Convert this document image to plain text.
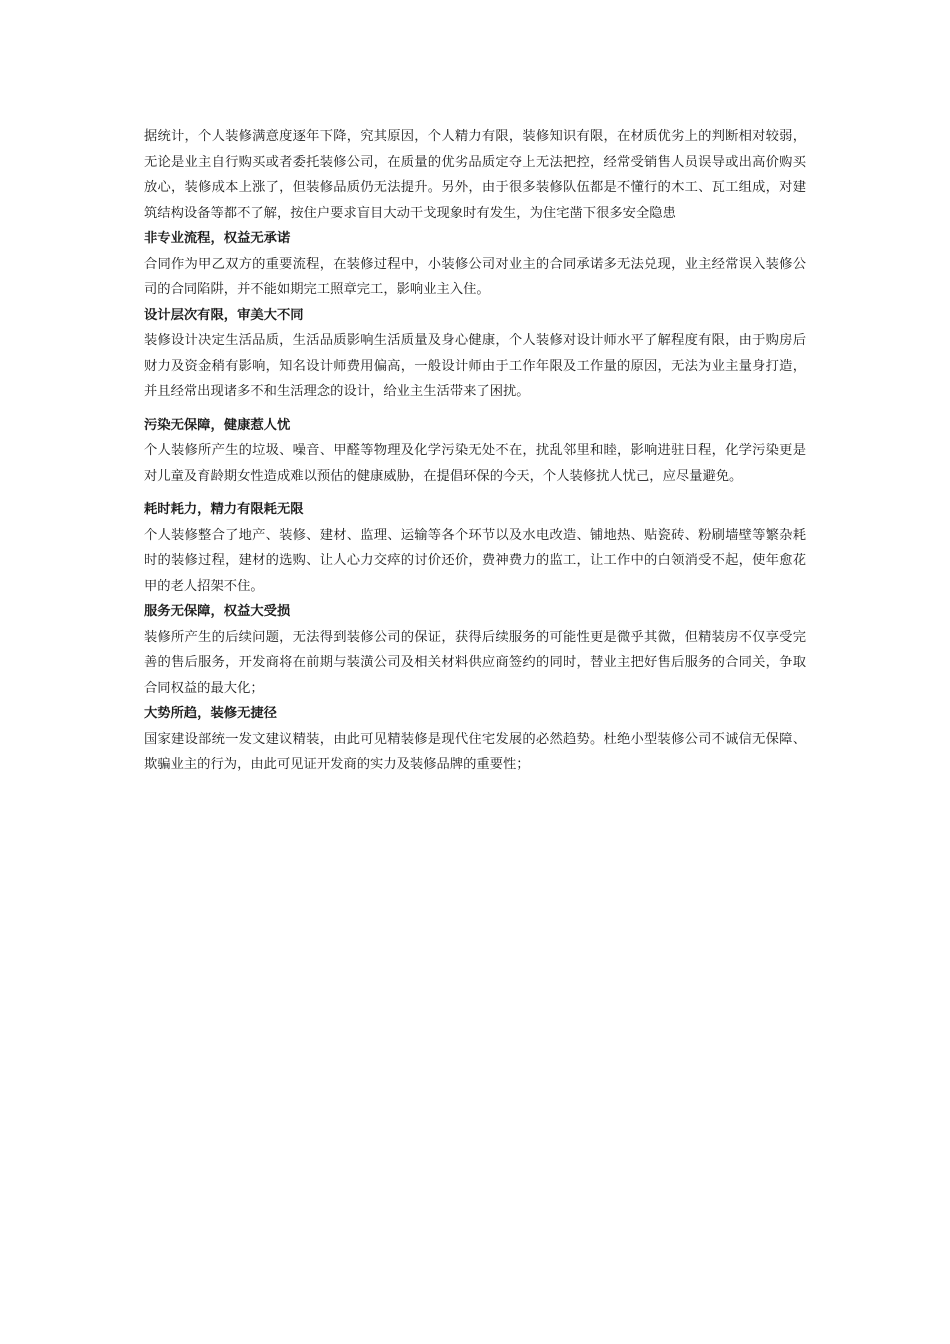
据统计，个人装修满意度逐年下降，究其原因，个人精力有限，装修知识有限，在材质优劣上的判断相对较弱，无论是业主自行购买或者委托装修公司，在质量的优劣品质定夺上无法把控，经常受销售人员误导或出高价购买放心，装修成本上涨了，但装修品质仍无法提升。另外，由于很多装修队伍都是不懂行的木工、瓦工组成，对建筑结构设备等都不了解，按住户要求盲目大动干戈现象时有发生，为住宅凿下很多安全隐患

非专业流程，权益无承诺

合同作为甲乙双方的重要流程，在装修过程中，小装修公司对业主的合同承诺多无法兑现，业主经常误入装修公司的合同陷阱，并不能如期完工照章完工，影响业主入住。

设计层次有限，审美大不同

装修设计决定生活品质，生活品质影响生活质量及身心健康，个人装修对设计师水平了解程度有限，由于购房后财力及资金稍有影响，知名设计师费用偏高，一般设计师由于工作年限及工作量的原因，无法为业主量身打造，并且经常出现诸多不和生活理念的设计，给业主生活带来了困扰。

污染无保障，健康惹人忧

个人装修所产生的垃圾、噪音、甲醛等物理及化学污染无处不在，扰乱邻里和睦，影响进驻日程，化学污染更是对儿童及育龄期女性造成难以预估的健康威胁，在提倡环保的今天，个人装修扰人忧己，应尽量避免。

耗时耗力，精力有限耗无限

个人装修整合了地产、装修、建材、监理、运输等各个环节以及水电改造、铺地热、贴瓷砖、粉刷墙壁等繁杂耗时的装修过程，建材的选购、让人心力交瘁的讨价还价，费神费力的监工，让工作中的白领消受不起，使年愈花甲的老人招架不住。

服务无保障，权益大受损

装修所产生的后续问题，无法得到装修公司的保证，获得后续服务的可能性更是微乎其微，但精装房不仅享受完善的售后服务，开发商将在前期与装潢公司及相关材料供应商签约的同时，替业主把好售后服务的合同关，争取合同权益的最大化；

大势所趋，装修无捷径

国家建设部统一发文建议精装，由此可见精装修是现代住宅发展的必然趋势。杜绝小型装修公司不诚信无保障、欺骗业主的行为，由此可见证开发商的实力及装修品牌的重要性；
